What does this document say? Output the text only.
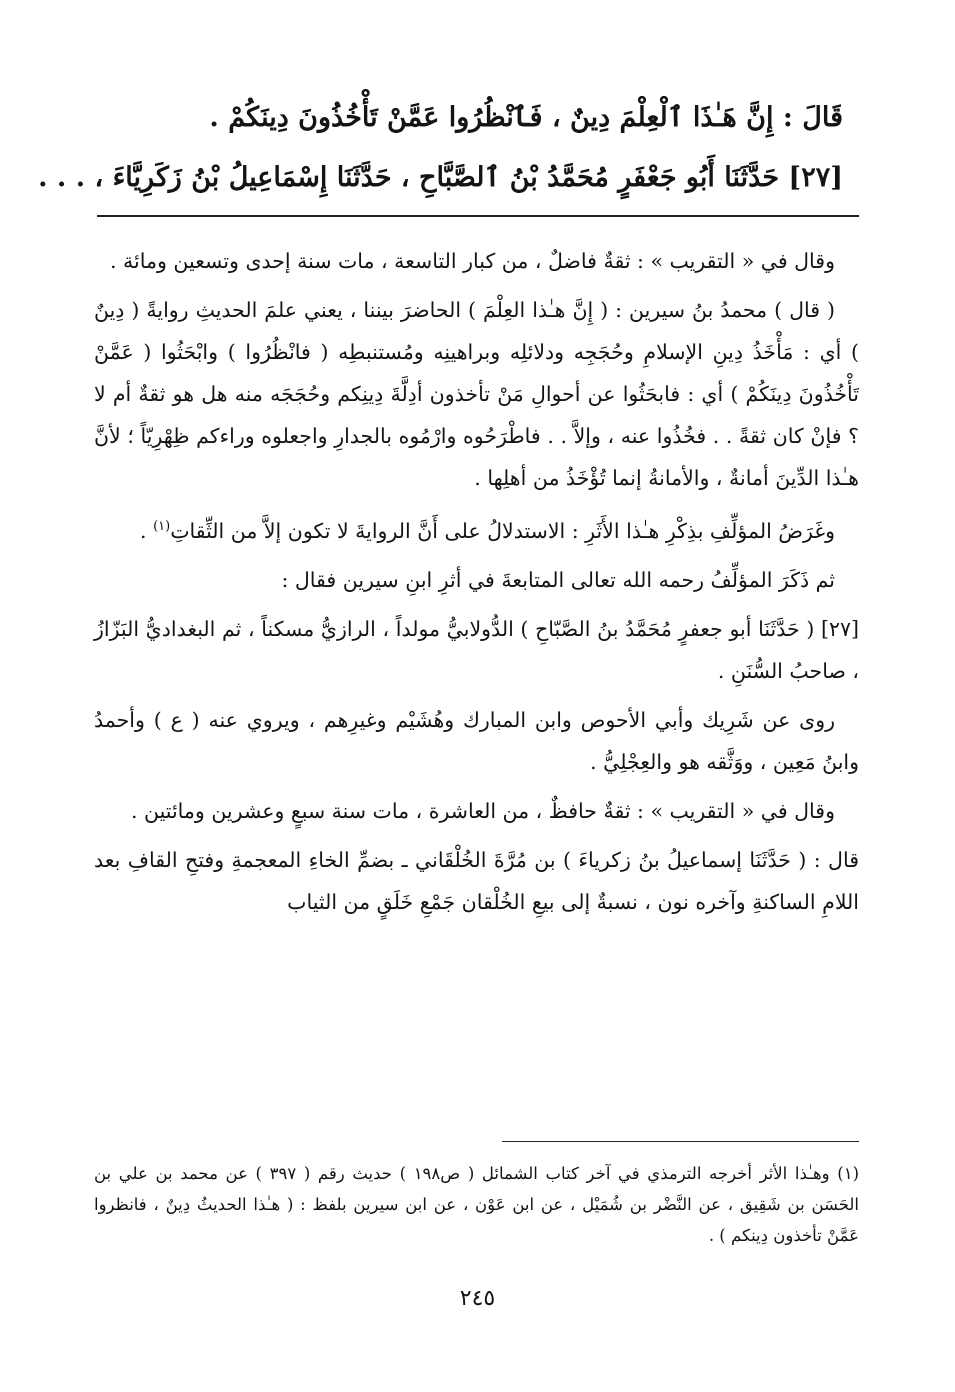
قَالَ : إِنَّ هَـٰذَا ٱلْعِلْمَ دِينٌ ، فَٱنْظُرُوا عَمَّنْ تَأْخُذُونَ دِينَكُمْ .

[٢٧] حَدَّثَنَا أَبُو جَعْفَرٍ مُحَمَّدُ بْنُ ٱلصَّبَّاحِ ، حَدَّثَنَا إِسْمَاعِيلُ بْنُ زَكَرِيَّاءَ ، . . .

وقال في « التقريب » : ثقةٌ فاضلٌ ، من كبار التاسعة ، مات سنة إحدى وتسعين ومائة .

( قال ) محمدُ بنُ سيرين : ( إِنَّ هـٰذا العِلْمَ ) الحاضرَ بيننا ، يعني علمَ الحديثِ روايةً ( دِينٌ ) أي : مَأْخَذُ دِينِ الإسلامِ وحُجَجِه ودلائلِه وبراهينِه ومُستنبطِه ( فانْظُرُوا ) وابْحَثُوا ( عَمَّنْ تَأْخُذُونَ دِينَكُمْ ) أي : فابحَثُوا عن أحوالِ مَنْ تأخذون أدِلَّةَ دِينِكم وحُجَجَه منه هل هو ثقةٌ أم لا ؟ فإنْ كان ثقةً . . فخُذُوا عنه ، وإلاَّ . . فاطْرَحُوه وارْمُوه بالجدارِ واجعلوه وراءكم ظِهْرِيّاً ؛ لأنَّ هـٰذا الدِّينَ أمانةٌ ، والأمانةُ إنما تُؤْخَذُ من أهلِها .

وغَرَضُ المؤلِّفِ بذِكْرِ هـٰذا الأَثَرِ : الاستدلالُ على أَنَّ الروايةَ لا تكون إلاَّ من الثِّقاتِ$^{(١)}$ .

ثم ذَكَرَ المؤلِّفُ رحمه الله تعالى المتابعةَ في أثرِ ابنِ سيرين فقال :

[٢٧] ( حَدَّثَنَا أبو جعفرٍ مُحَمَّدُ بنُ الصَّبّاحِ ) الدُّولابيُّ مولداً ، الرازيُّ مسكناً ، ثم البغداديُّ البَزّازُ ، صاحبُ السُّنَنِ .

روى عن شَرِيك وأبي الأحوص وابن المبارك وهُشَيْم وغيرِهم ، ويروي عنه ( ع ) وأحمدُ وابنُ مَعِين ، ووَثَّقه هو والعِجْلِيُّ .

وقال في « التقريب » : ثقةٌ حافظٌ ، من العاشرة ، مات سنة سبعٍ وعشرين ومائتين .

قال : ( حَدَّثَنَا إسماعيلُ بنُ زكرياءَ ) بن مُرَّةَ الخُلْقَاني ـ بضمِّ الخاءِ المعجمةِ وفتحِ القافِ بعد اللامِ الساكنةِ وآخره نون ، نسبةٌ إلى بيعِ الخُلْقان جَمْعِ خَلَقٍ من الثياب

(١) وهـٰذا الأثر أخرجه الترمذي في آخر كتاب الشمائل ( ص١٩٨ ) حديث رقم ( ٣٩٧ ) عن محمد بن علي بن الحَسَن بن شَقِيق ، عن النَّضْر بن شُمَيْل ، عن ابن عَوْن ، عن ابن سيرين بلفظ : ( هـٰذا الحديثُ دِينٌ ، فانظروا عَمَّنْ تأخذون دِينكم ) .

٢٤٥
